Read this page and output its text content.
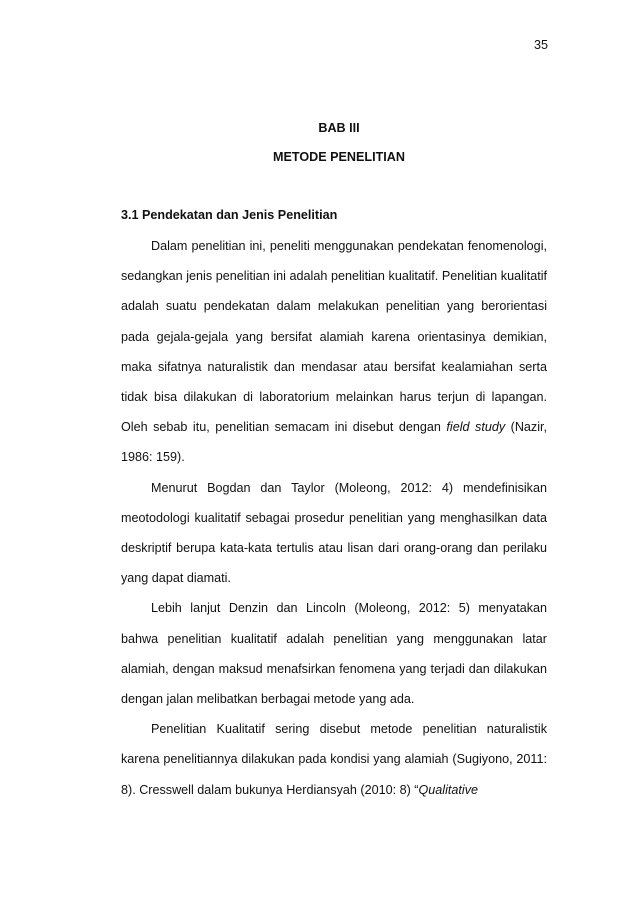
35
BAB III
METODE PENELITIAN
3.1 Pendekatan dan Jenis Penelitian

Dalam penelitian ini, peneliti menggunakan pendekatan fenomenologi, sedangkan jenis penelitian ini adalah penelitian kualitatif. Penelitian kualitatif adalah suatu pendekatan dalam melakukan penelitian yang berorientasi pada gejala-gejala yang bersifat alamiah karena orientasinya demikian, maka sifatnya naturalistik dan mendasar atau bersifat kealamiahan serta tidak bisa dilakukan di laboratorium melainkan harus terjun di lapangan. Oleh sebab itu, penelitian semacam ini disebut dengan field study (Nazir, 1986: 159).

Menurut Bogdan dan Taylor (Moleong, 2012: 4) mendefinisikan meotodologi kualitatif sebagai prosedur penelitian yang menghasilkan data deskriptif berupa kata-kata tertulis atau lisan dari orang-orang dan perilaku yang dapat diamati.

Lebih lanjut Denzin dan Lincoln (Moleong, 2012: 5) menyatakan bahwa penelitian kualitatif adalah penelitian yang menggunakan latar alamiah, dengan maksud menafsirkan fenomena yang terjadi dan dilakukan dengan jalan melibatkan berbagai metode yang ada.

Penelitian Kualitatif sering disebut metode penelitian naturalistik karena penelitiannya dilakukan pada kondisi yang alamiah (Sugiyono, 2011: 8). Cresswell dalam bukunya Herdiansyah (2010: 8) “Qualitative
